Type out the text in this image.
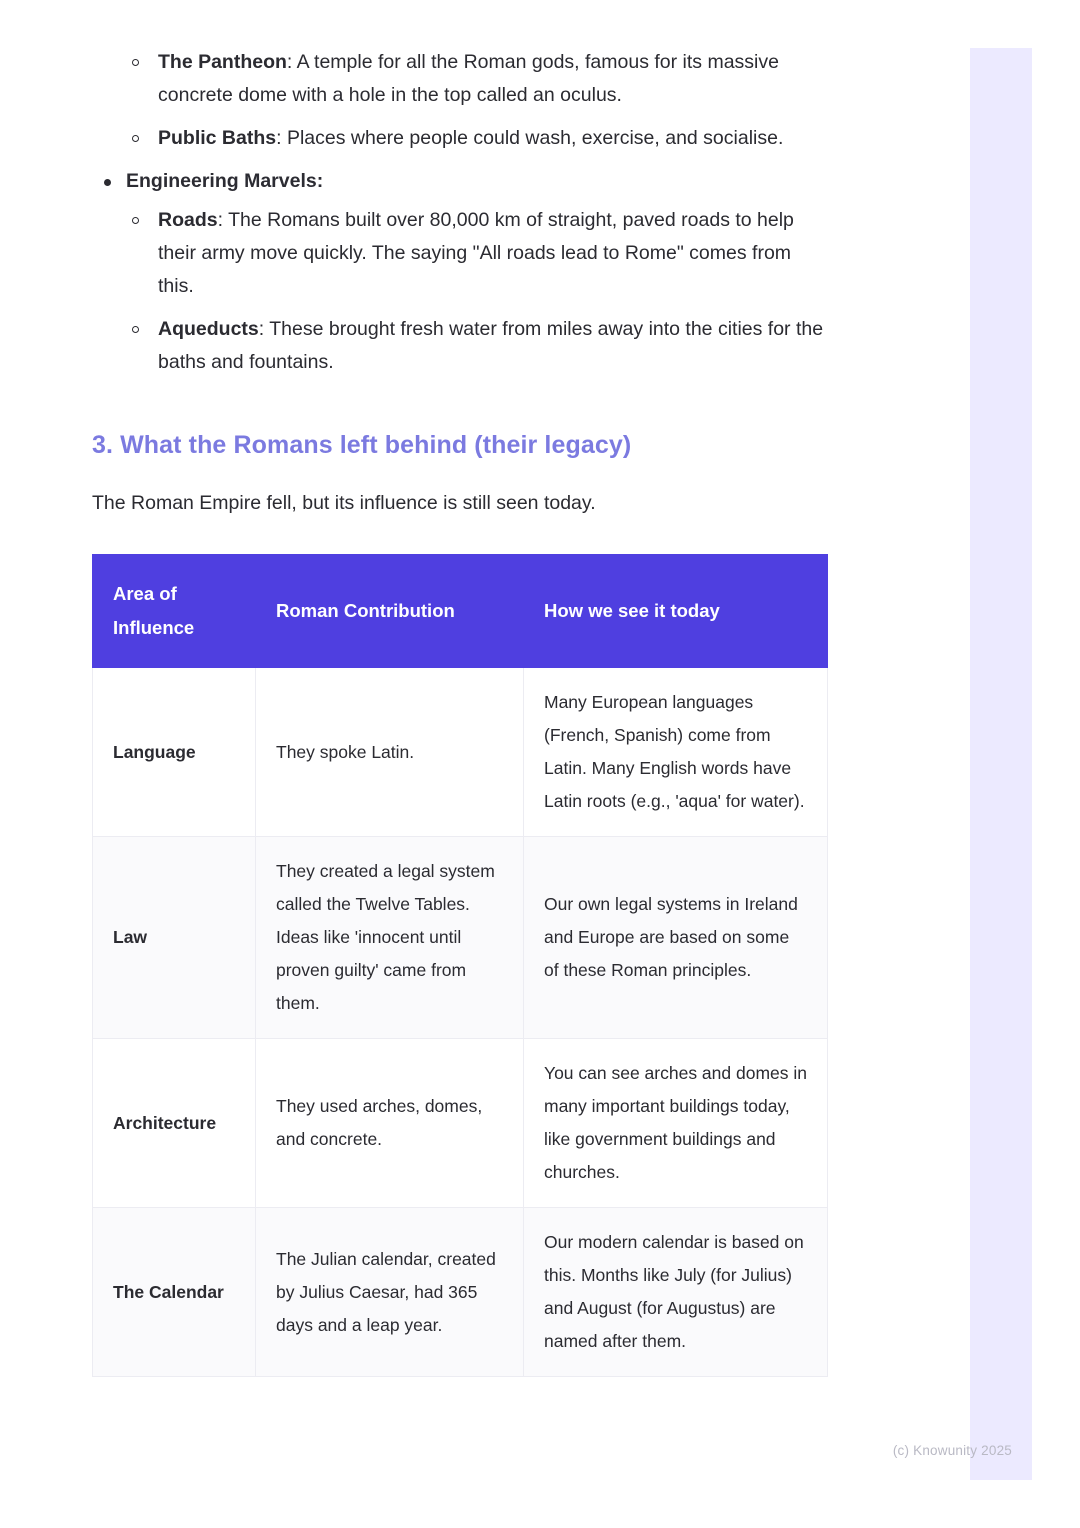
The Pantheon: A temple for all the Roman gods, famous for its massive concrete dome with a hole in the top called an oculus.
Public Baths: Places where people could wash, exercise, and socialise.
Engineering Marvels:
Roads: The Romans built over 80,000 km of straight, paved roads to help their army move quickly. The saying "All roads lead to Rome" comes from this.
Aqueducts: These brought fresh water from miles away into the cities for the baths and fountains.
3. What the Romans left behind (their legacy)

The Roman Empire fell, but its influence is still seen today.

Area of Influence	Roman Contribution	How we see it today
Language	They spoke Latin.	Many European languages (French, Spanish) come from Latin. Many English words have Latin roots (e.g., 'aqua' for water).
Law	They created a legal system called the Twelve Tables. Ideas like 'innocent until proven guilty' came from them.	Our own legal systems in Ireland and Europe are based on some of these Roman principles.
Architecture	They used arches, domes, and concrete.	You can see arches and domes in many important buildings today, like government buildings and churches.
The Calendar	The Julian calendar, created by Julius Caesar, had 365 days and a leap year.	Our modern calendar is based on this. Months like July (for Julius) and August (for Augustus) are named after them.
(c) Knowunity 2025
